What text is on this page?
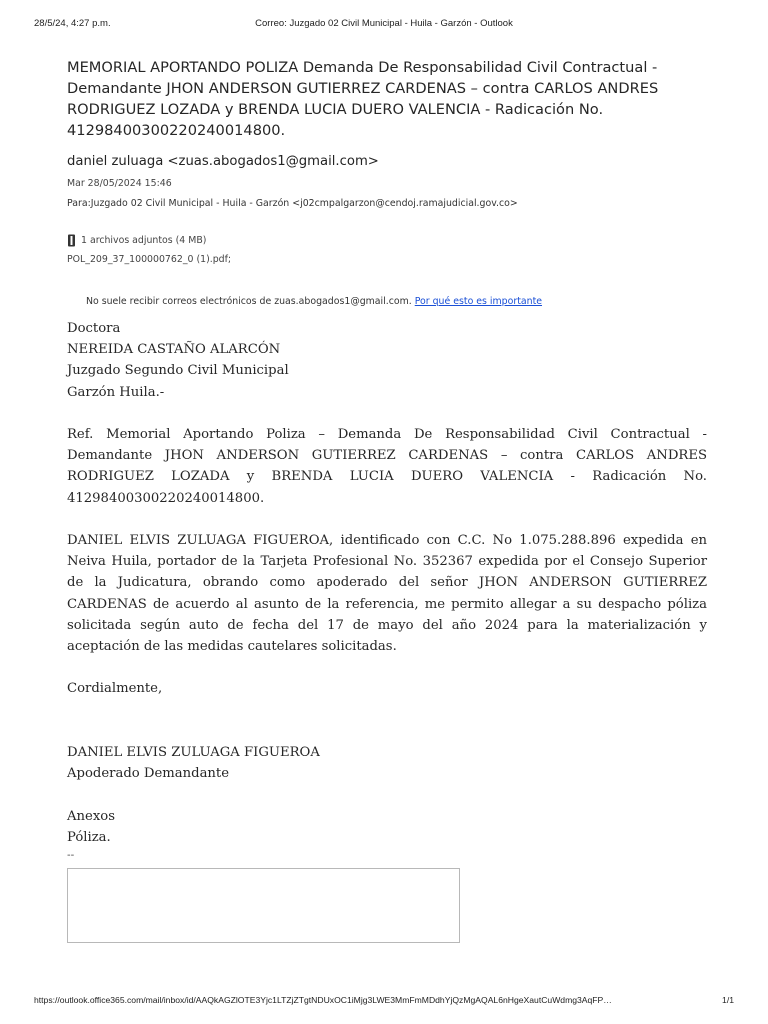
28/5/24, 4:27 p.m.	Correo: Juzgado 02 Civil Municipal - Huila - Garzón - Outlook
MEMORIAL APORTANDO POLIZA Demanda De Responsabilidad Civil Contractual - Demandante JHON ANDERSON GUTIERREZ CARDENAS – contra CARLOS ANDRES RODRIGUEZ LOZADA y BRENDA LUCIA DUERO VALENCIA - Radicación No. 41298400300220240014800.
daniel zuluaga <zuas.abogados1@gmail.com>
Mar 28/05/2024 15:46
Para:Juzgado 02 Civil Municipal - Huila - Garzón <j02cmpalgarzon@cendoj.ramajudicial.gov.co>
1 archivos adjuntos (4 MB)
POL_209_37_100000762_0 (1).pdf;
No suele recibir correos electrónicos de zuas.abogados1@gmail.com. Por qué esto es importante

Doctora

NEREIDA CASTAÑO ALARCÓN

Juzgado Segundo Civil Municipal

Garzón Huila.-

Ref. Memorial Aportando Poliza – Demanda De Responsabilidad Civil Contractual - Demandante JHON ANDERSON GUTIERREZ CARDENAS – contra CARLOS ANDRES RODRIGUEZ LOZADA y BRENDA LUCIA DUERO VALENCIA - Radicación No. 41298400300220240014800.

DANIEL ELVIS ZULUAGA FIGUEROA, identificado con C.C. No 1.075.288.896 expedida en Neiva Huila, portador de la Tarjeta Profesional No. 352367 expedida por el Consejo Superior de la Judicatura, obrando como apoderado del señor JHON ANDERSON GUTIERREZ CARDENAS de acuerdo al asunto de la referencia, me permito allegar a su despacho póliza solicitada según auto de fecha del 17 de mayo del año 2024 para la materialización y aceptación de las medidas cautelares solicitadas.

Cordialmente,

DANIEL ELVIS ZULUAGA FIGUEROA

Apoderado Demandante

Anexos

Póliza.

--
https://outlook.office365.com/mail/inbox/id/AAQkAGZlOTE3Yjc1LTZjZTgtNDUxOC1iMjg3LWE3MmFmMDdhYjQzMgAQAL6nHgeXautCuWdmg3AqFP…	1/1
